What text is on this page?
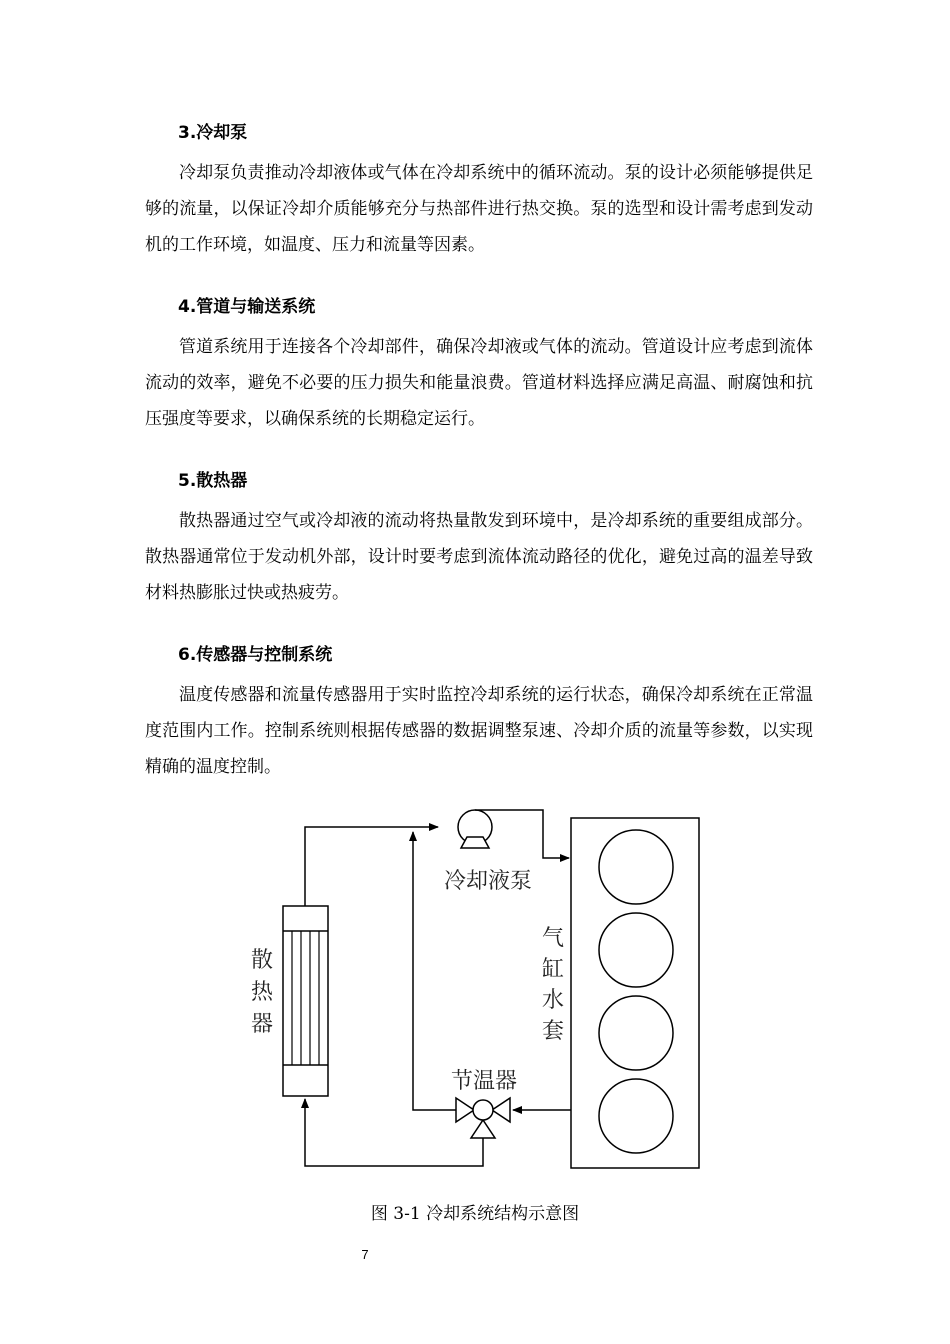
3.冷却泵

冷却泵负责推动冷却液体或气体在冷却系统中的循环流动。泵的设计必须能够提供足够的流量，以保证冷却介质能够充分与热部件进行热交换。泵的选型和设计需考虑到发动机的工作环境，如温度、压力和流量等因素。

4.管道与输送系统

管道系统用于连接各个冷却部件，确保冷却液或气体的流动。管道设计应考虑到流体流动的效率，避免不必要的压力损失和能量浪费。管道材料选择应满足高温、耐腐蚀和抗压强度等要求，以确保系统的长期稳定运行。

5.散热器

散热器通过空气或冷却液的流动将热量散发到环境中，是冷却系统的重要组成部分。散热器通常位于发动机外部，设计时要考虑到流体流动路径的优化，避免过高的温差导致材料热膨胀过快或热疲劳。

6.传感器与控制系统

温度传感器和流量传感器用于实时监控冷却系统的运行状态，确保冷却系统在正常温度范围内工作。控制系统则根据传感器的数据调整泵速、冷却介质的流量等参数，以实现精确的温度控制。

冷却液泵
散
热
器
节温器
气
缸
水
套
图 3-1 冷却系统结构示意图
7
